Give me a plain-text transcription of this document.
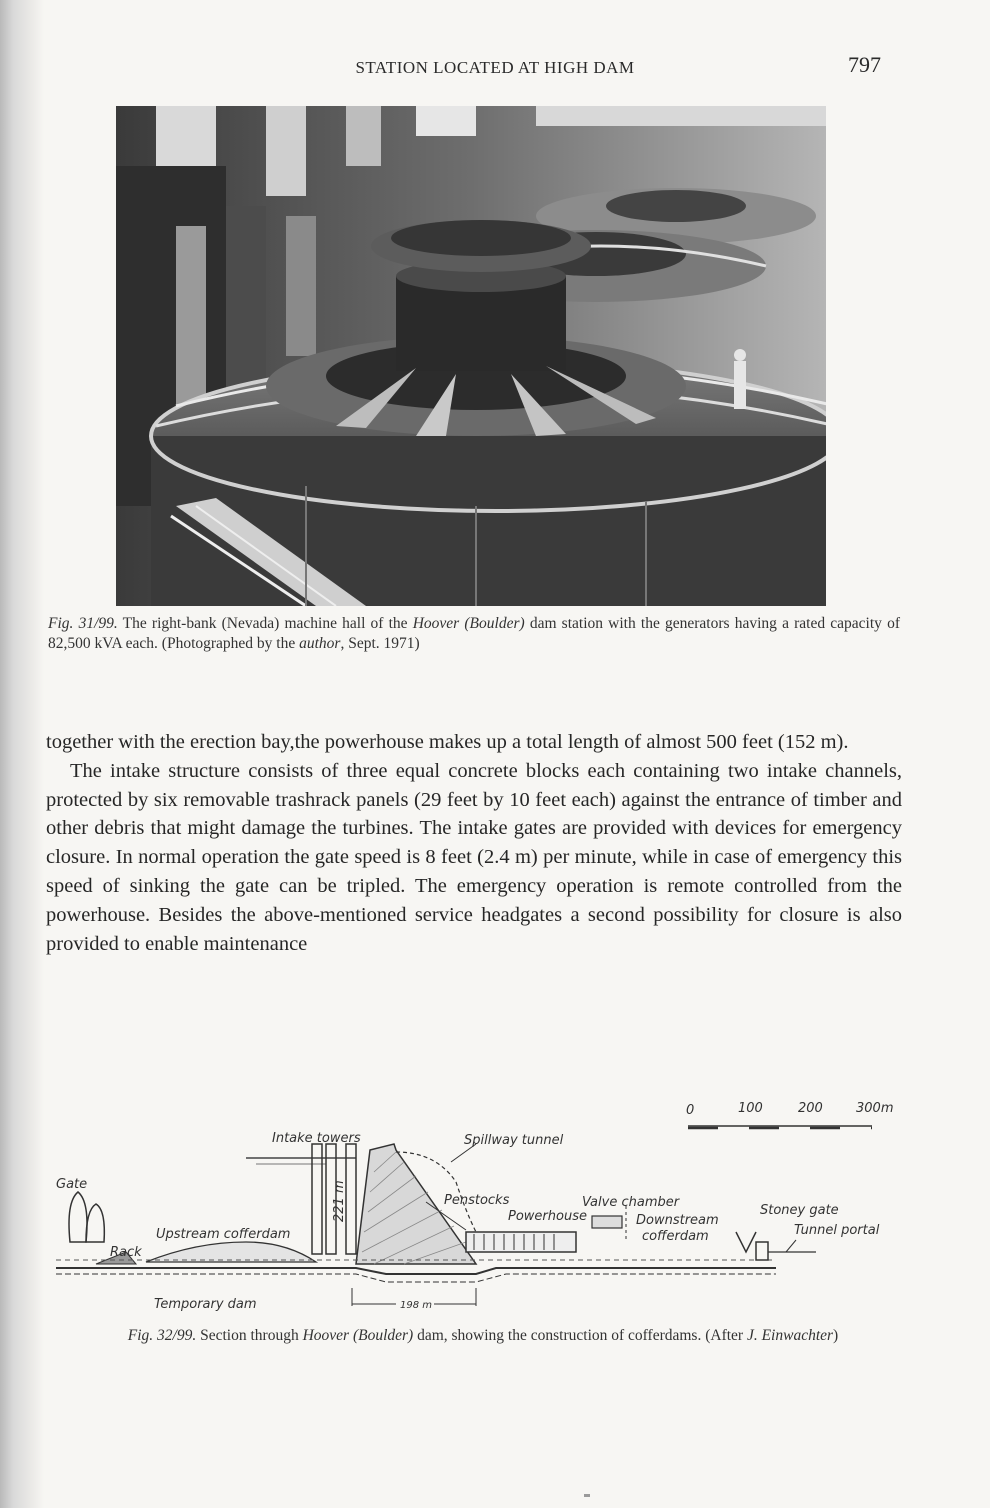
STATION LOCATED AT HIGH DAM	797
Fig. 31/99. The right-bank (Nevada) machine hall of the Hoover (Boulder) dam station with the generators having a rated capacity of 82,500 kVA each. (Photographed by the author, Sept. 1971)

together with the erection bay,the powerhouse makes up a total length of almost 500 feet (152 m).

The intake structure consists of three equal concrete blocks each containing two intake channels, protected by six removable trashrack panels (29 feet by 10 feet each) against the entrance of timber and other debris that might damage the turbines. The intake gates are provided with devices for emergency closure. In normal operation the gate speed is 8 feet (2.4 m) per minute, while in case of emergency this speed of sinking the gate can be tripled. The emergency operation is remote controlled from the powerhouse. Besides the above-mentioned service headgates a second possibility for closure is also provided to enable maintenance

0	100	200	300m
221 m
198 m
Gate
Rack
Intake towers	Spillway tunnel
Upstream cofferdam
Penstocks
Powerhouse
Valve chamber
Downstream
cofferdam
Stoney gate
Tunnel portal
Temporary dam
Fig. 32/99. Section through Hoover (Boulder) dam, showing the construction of cofferdams. (After J. Einwachter)
